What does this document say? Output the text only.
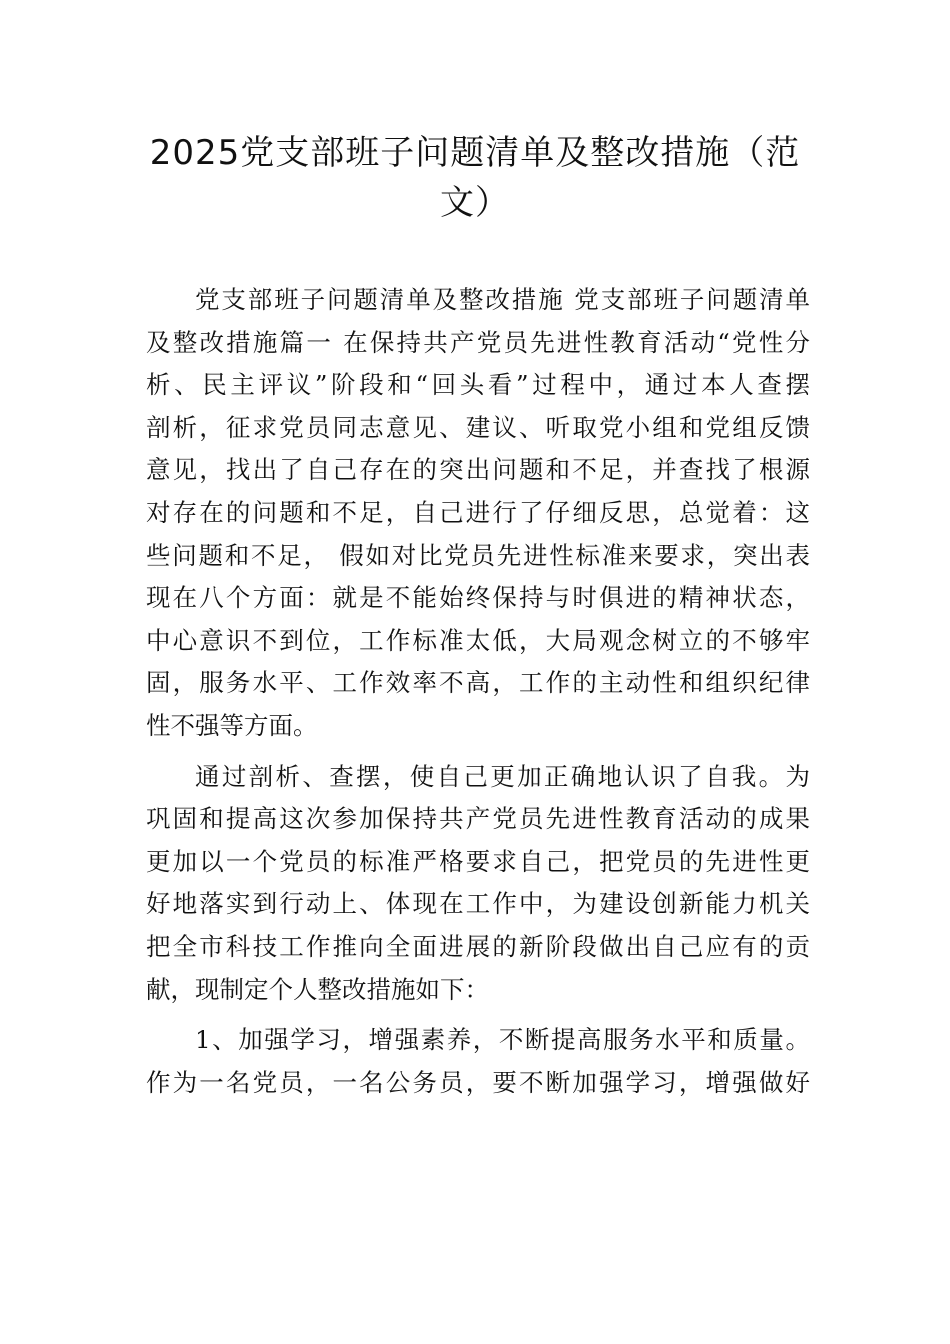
2025党支部班子问题清单及整改措施（范
文）
党支部班子问题清单及整改措施 党支部班子问题清单
及整改措施篇一 在保持共产党员先进性教育活动“党性分
析、民主评议”阶段和“回头看”过程中，通过本人查摆
剖析，征求党员同志意见、建议、听取党小组和党组反馈
意见，找出了自己存在的突出问题和不足，并查找了根源
对存在的问题和不足，自己进行了仔细反思，总觉着：这
些问题和不足， 假如对比党员先进性标准来要求，突出表
现在八个方面：就是不能始终保持与时俱进的精神状态，
中心意识不到位，工作标准太低，大局观念树立的不够牢
固，服务水平、工作效率不高，工作的主动性和组织纪律
性不强等方面。
通过剖析、查摆，使自己更加正确地认识了自我。为
巩固和提高这次参加保持共产党员先进性教育活动的成果
更加以一个党员的标准严格要求自己，把党员的先进性更
好地落实到行动上、体现在工作中，为建设创新能力机关
把全市科技工作推向全面进展的新阶段做出自己应有的贡
献，现制定个人整改措施如下：
1、加强学习，增强素养，不断提高服务水平和质量。
作为一名党员，一名公务员，要不断加强学习，增强做好
